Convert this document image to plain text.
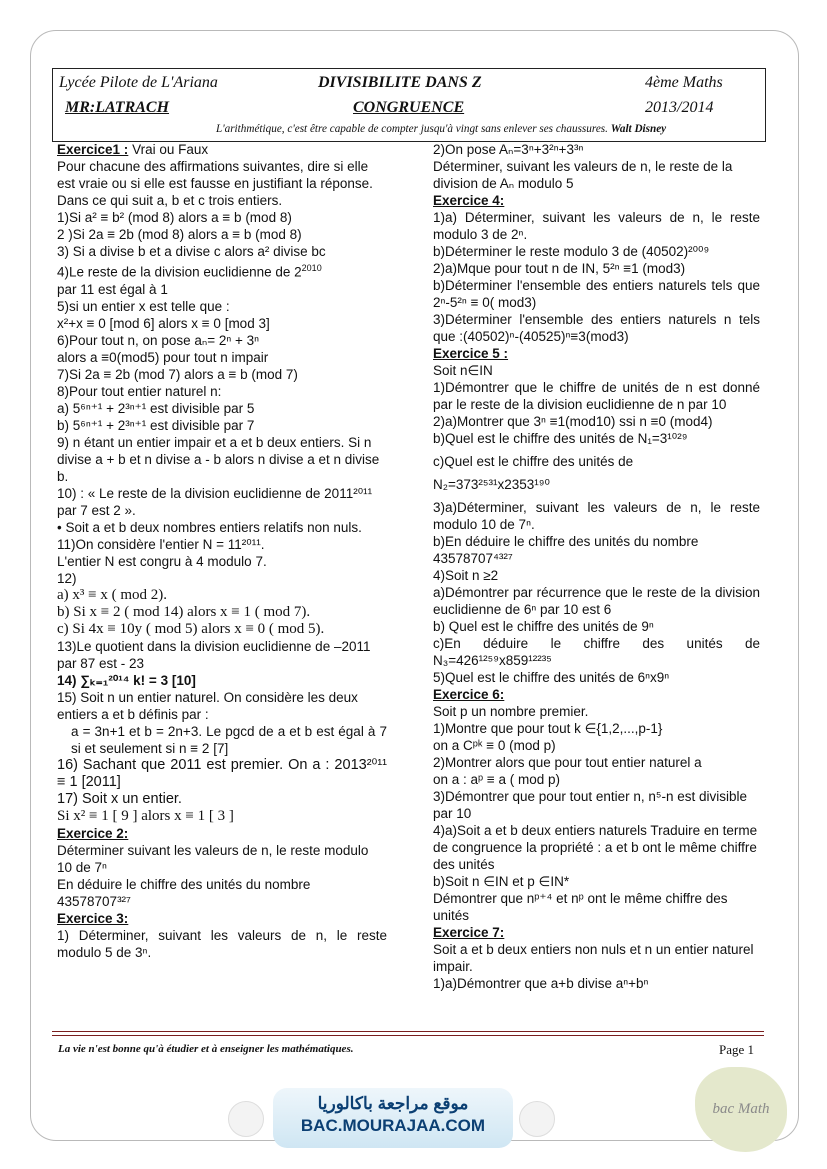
Lycée Pilote de L'Ariana
MR:LATRACH
DIVISIBILITE DANS Z
CONGRUENCE
4ème Maths
2013/2014
L'arithmétique, c'est être capable de compter jusqu'à vingt sans enlever ses chaussures. Walt Disney

Exercice1 : Vrai ou Faux

Pour chacune des affirmations suivantes, dire si elle est vraie ou si elle est fausse en justifiant la réponse. Dans ce qui suit a, b et c trois entiers.

1)Si a² ≡ b² (mod 8) alors a ≡ b (mod 8)

2 )Si 2a ≡ 2b (mod 8) alors a ≡ b (mod 8)

3) Si a divise b et a divise c alors a² divise bc

4)Le reste de la division euclidienne de $2^{2010}$

par 11 est égal à 1

5)si un entier x est telle que :

x²+x ≡ 0 [mod 6] alors x ≡ 0 [mod 3]

6)Pour tout n, on pose aₙ= 2ⁿ + 3ⁿ

alors a ≡0(mod5) pour tout n impair

7)Si 2a ≡ 2b (mod 7) alors a ≡ b (mod 7)

8)Pour tout entier naturel n:

a) 5⁶ⁿ⁺¹ + 2³ⁿ⁺¹ est divisible par 5

b) 5⁶ⁿ⁺¹ + 2³ⁿ⁺¹ est divisible par 7

9) n étant un entier impair et a et b deux entiers. Si n divise a + b et n divise a - b alors n divise a et n divise b.

10) : « Le reste de la division euclidienne de 2011²⁰¹¹ par 7 est 2 ».

• Soit a et b deux nombres entiers relatifs non nuls.

11)On considère l'entier N = 11²⁰¹¹.

L'entier N est congru à 4 modulo 7.

12)

a) x³ ≡ x ( mod 2).

b) Si x ≡ 2 ( mod 14) alors x ≡ 1 ( mod 7).

c) Si 4x ≡ 10y ( mod 5) alors x ≡ 0 ( mod 5).

13)Le quotient dans la division euclidienne de –2011 par 87 est - 23

14) ∑ₖ₌₁²⁰¹⁴ k! = 3 [10]

15) Soit n un entier naturel. On considère les deux entiers a et b définis par :

a = 3n+1 et b = 2n+3. Le pgcd de a et b est égal à 7 si et seulement si n ≡ 2 [7]

16) Sachant que 2011 est premier. On a : 2013²⁰¹¹ ≡ 1 [2011]

17) Soit x un entier.

Si x² ≡ 1 [ 9 ] alors x ≡ 1 [ 3 ]

Exercice 2:

Déterminer suivant les valeurs de n, le reste modulo 10 de 7ⁿ

En déduire le chiffre des unités du nombre 43578707³²⁷

Exercice 3:

1) Déterminer, suivant les valeurs de n, le reste modulo 5 de 3ⁿ.

2)On pose Aₙ=3ⁿ+3²ⁿ+3³ⁿ

Déterminer, suivant les valeurs de n, le reste de la division de Aₙ modulo 5

Exercice 4:

1)a) Déterminer, suivant les valeurs de n, le reste modulo 3 de 2ⁿ.

b)Déterminer le reste modulo 3 de (40502)²⁰⁰⁹

2)a)Mque pour tout n de IN, 5²ⁿ ≡1 (mod3)

b)Déterminer l'ensemble des entiers naturels tels que 2ⁿ-5²ⁿ ≡ 0( mod3)

3)Déterminer l'ensemble des entiers naturels n tels que :(40502)ⁿ-(40525)ⁿ≡3(mod3)

Exercice 5 :

Soit n∈IN

1)Démontrer que le chiffre de unités de n est donné par le reste de la division euclidienne de n par 10

2)a)Montrer que 3ⁿ ≡1(mod10) ssi n ≡0 (mod4)

b)Quel est le chiffre des unités de N₁=3¹⁰²⁹

c)Quel est le chiffre des unités de

N₂=373²⁵³¹x2353¹⁹⁰

3)a)Déterminer, suivant les valeurs de n, le reste modulo 10 de 7ⁿ.

b)En déduire le chiffre des unités du nombre 43578707⁴³²⁷

4)Soit n ≥2

a)Démontrer par récurrence que le reste de la division euclidienne de 6ⁿ par 10 est 6

b) Quel est le chiffre des unités de 9ⁿ

c)En déduire le chiffre des unités de N₃=426¹²⁵⁹x859¹²²³⁵

5)Quel est le chiffre des unités de 6ⁿx9ⁿ

Exercice 6:

Soit p un nombre premier.

1)Montre que pour tout k ∈{1,2,...,p-1}

on a Cᵖᵏ ≡ 0 (mod p)

2)Montrer alors que pour tout entier naturel a

on a : aᵖ ≡ a ( mod p)

3)Démontrer que pour tout entier n, n⁵-n est divisible par 10

4)a)Soit a et b deux entiers naturels Traduire en terme de congruence la propriété : a et b ont le même chiffre des unités

b)Soit n ∈IN et p ∈IN*

Démontrer que nᵖ⁺⁴ et nᵖ ont le même chiffre des unités

Exercice 7:

Soit a et b deux entiers non nuls et n un entier naturel impair.

1)a)Démontrer que a+b divise aⁿ+bⁿ

La vie n'est bonne qu'à étudier et à enseigner les mathématiques.	Page 1
موقع مراجعة باكالوريا
BAC.MOURAJAA.COM
bac Math
